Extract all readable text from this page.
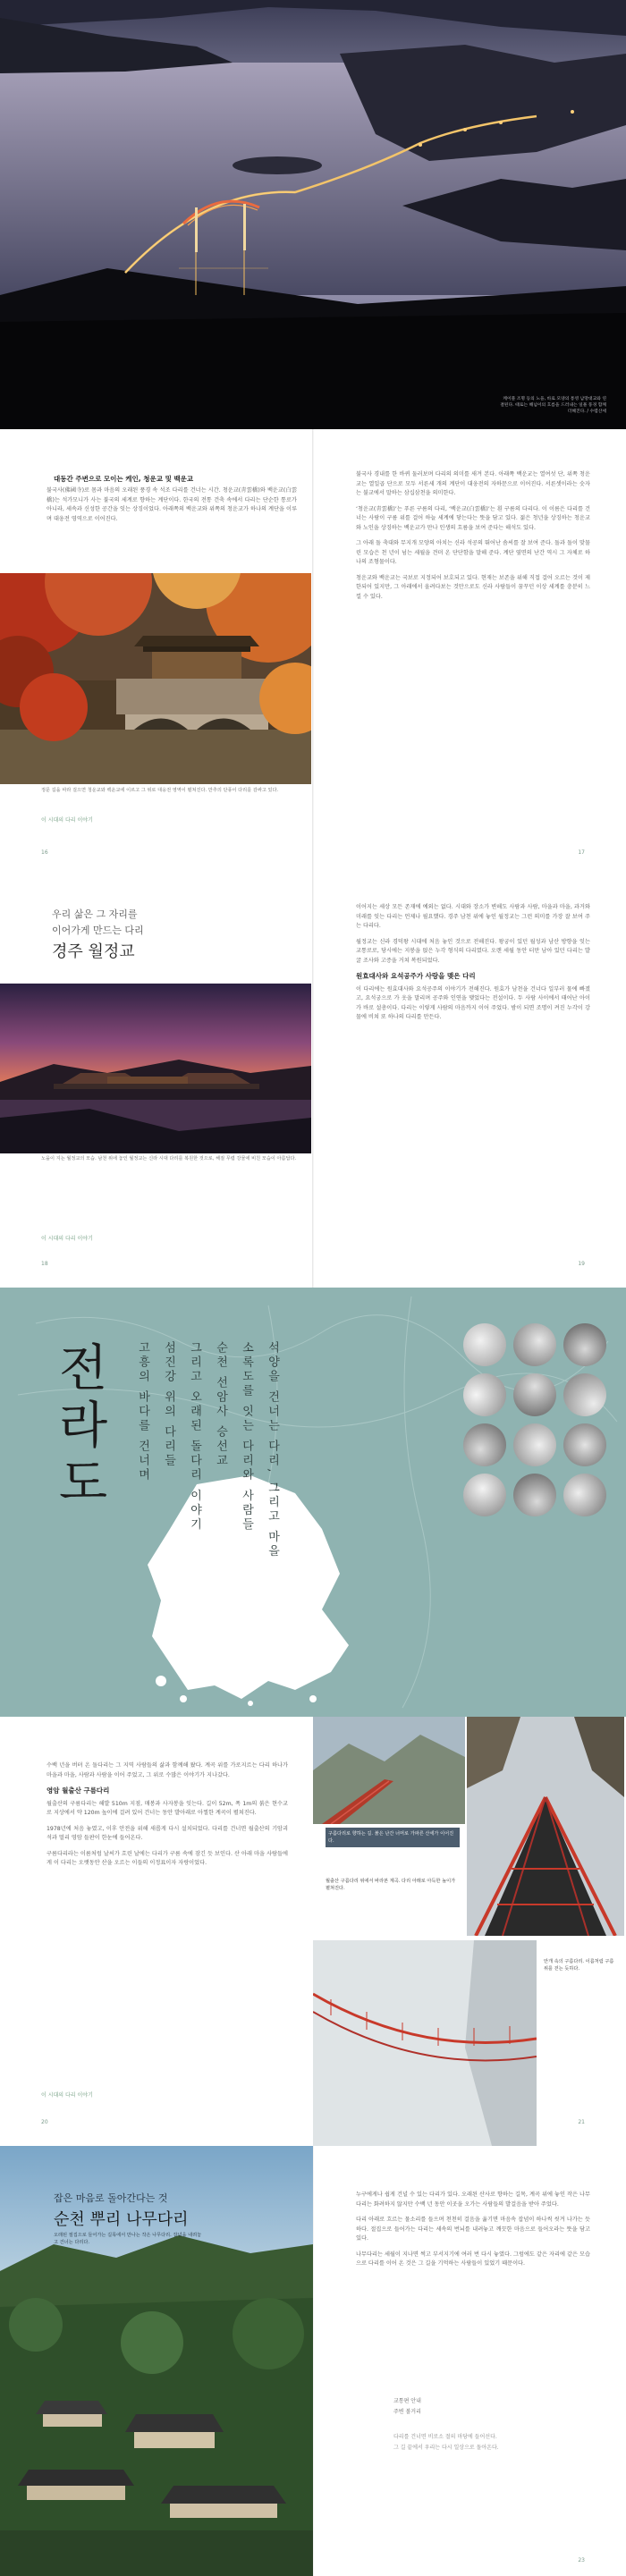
케이블 조명 등의 노을, 바로 모양의 통영 남망대교와 연결된다. 때로는 해넘이의 흐름을 드러내는 일몰 풍경 함께 더해진다. / 수렵산세
대동간 주변으로 모이는 케인, 청운교 및 백운교
불국사(佛國寺)로 몸과 마음의 오래된 풍경 속 석조 다리를 건너는 시간. 청운교(靑雲橋)와 백운교(白雲橋)는 석가모니가 사는 불국의 세계로 향하는 계단이다. 한국의 전통 건축 속에서 다리는 단순한 통로가 아니라, 세속과 신성한 공간을 잇는 상징이었다. 아래쪽의 백운교와 위쪽의 청운교가 하나의 계단을 이루며 대웅전 영역으로 이어진다.
정문 길을 따라 걸으면 청운교와 백운교에 이르고 그 위로 대웅전 영역이 펼쳐진다. 만추의 단풍이 다리를 감싸고 있다.
이 시대의 다리 이야기
16

불국사 경내를 한 바퀴 둘러보며 다리의 의미를 새겨 본다. 아래쪽 백운교는 열여섯 단, 위쪽 청운교는 열일곱 단으로 모두 서른세 개의 계단이 대웅전의 자하문으로 이어진다. 서른셋이라는 숫자는 불교에서 말하는 삼십삼천을 의미한다.

‘청운교(靑雲橋)’는 푸른 구름의 다리, ‘백운교(白雲橋)’는 흰 구름의 다리다. 이 이름은 다리를 건너는 사람이 구름 위를 걸어 하늘 세계에 닿는다는 뜻을 담고 있다. 젊은 청년을 상징하는 청운교와 노인을 상징하는 백운교가 만나 인생의 흐름을 보여 준다는 해석도 있다.

그 아래 돌 축대와 무지개 모양의 아치는 신라 석공의 뛰어난 솜씨를 잘 보여 준다. 돌과 돌이 맞물린 모습은 천 년이 넘는 세월을 견뎌 온 단단함을 말해 준다. 계단 옆면의 난간 역시 그 자체로 하나의 조형물이다.

청운교와 백운교는 국보로 지정되어 보호되고 있다. 현재는 보존을 위해 직접 걸어 오르는 것이 제한되어 있지만, 그 아래에서 올려다보는 것만으로도 신라 사람들이 꿈꾸던 이상 세계를 충분히 느낄 수 있다.

17
우리 삶은 그 자리를
이어가게 만드는 다리
경주 월정교
노을이 지는 월정교의 모습. 남천 위에 놓인 월정교는 신라 시대 다리를 복원한 것으로, 해질 무렵 강물에 비친 모습이 아름답다.
이 시대의 다리 이야기
18

이어지는 세상 모든 존재에 예외는 없다. 시대와 장소가 변해도 사람과 사람, 마을과 마을, 과거와 미래를 잇는 다리는 언제나 필요했다. 경주 남천 위에 놓인 월정교는 그런 의미를 가장 잘 보여 주는 다리다.

월정교는 신라 경덕왕 시대에 처음 놓인 것으로 전해진다. 왕궁이 있던 월성과 남산 방향을 잇는 교통로로, 당시에는 지붕을 얹은 누각 형식의 다리였다. 오랜 세월 동안 터만 남아 있던 다리는 발굴 조사와 고증을 거쳐 복원되었다.

원효대사와 요석공주가 사랑을 맺은 다리

이 다리에는 원효대사와 요석공주의 이야기가 전해진다. 원효가 남천을 건너다 일부러 물에 빠졌고, 요석궁으로 가 옷을 말리며 공주와 인연을 맺었다는 전설이다. 두 사람 사이에서 태어난 아이가 바로 설총이다. 다리는 이렇게 사람의 마음까지 이어 주었다. 밤이 되면 조명이 켜진 누각이 강물에 비쳐 또 하나의 다리를 만든다.

19
전라도	석양을 건너는 다리, 그리고 마을
소록도를 잇는 다리와 사람들
순천 선암사 승선교
그리고 오래된 돌다리 이야기
섬진강 위의 다리들
고흥의 바다를 건너며

수백 년을 버텨 온 돌다리는 그 지역 사람들의 삶과 함께해 왔다. 계곡 위를 가로지르는 다리 하나가 마을과 마을, 사람과 사람을 이어 주었고, 그 위로 수많은 이야기가 지나갔다.

영암 월출산 구름다리

월출산의 구름다리는 해발 510m 지점, 매봉과 사자봉을 잇는다. 길이 52m, 폭 1m의 붉은 현수교로 지상에서 약 120m 높이에 걸려 있어 건너는 동안 발아래로 아찔한 계곡이 펼쳐진다.

1978년에 처음 놓였고, 이후 안전을 위해 새롭게 다시 설치되었다. 다리를 건너면 월출산의 기암괴석과 멀리 영암 들판이 한눈에 들어온다.

구름다리라는 이름처럼 날씨가 흐린 날에는 다리가 구름 속에 잠긴 듯 보인다. 산 아래 마을 사람들에게 이 다리는 오랫동안 산을 오르는 이들의 이정표이자 자랑이었다.

이 시대의 다리 이야기
20
구름다리로 향하는 길. 붉은 난간 너머로 가파른 산세가 이어진다.
월출산 구름다리 위에서 바라본 계곡. 다리 아래로 아득한 높이가 펼쳐진다.
안개 속의 구름다리. 이름처럼 구름 위를 걷는 듯하다.
21
잡은 마음로 돌아간다는 것
순천 뿌리 나무다리
오래된 절집으로 들어가는 길목에서 만나는 작은 나무다리. 잡념을 내려놓고 건너는 다리다.

누구에게나 쉽게 건널 수 있는 다리가 있다. 오래된 산사로 향하는 길목, 계곡 위에 놓인 작은 나무다리는 화려하지 않지만 수백 년 동안 이곳을 오가는 사람들의 발걸음을 받아 주었다.

다리 아래로 흐르는 물소리를 들으며 천천히 걸음을 옮기면 마음속 잡념이 하나씩 씻겨 나가는 듯하다. 절집으로 들어가는 다리는 세속의 번뇌를 내려놓고 깨끗한 마음으로 들어오라는 뜻을 담고 있다.

나무다리는 세월이 지나면 썩고 부서지기에 여러 번 다시 놓였다. 그럼에도 같은 자리에 같은 모습으로 다리를 이어 온 것은 그 길을 기억하는 사람들이 있었기 때문이다.

교통편 안내
주변 볼거리
다리를 건너면 비로소 절의 마당에 들어선다.
그 길 끝에서 우리는 다시 일상으로 돌아온다.
23
